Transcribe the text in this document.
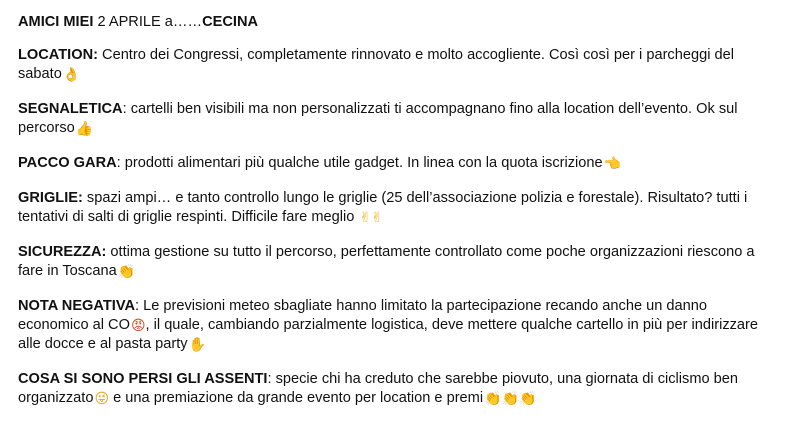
AMICI MIEI 2 APRILE a……CECINA

LOCATION: Centro dei Congressi, completamente rinnovato e molto accogliente. Così così per i parcheggi del sabato👌

SEGNALETICA: cartelli ben visibili ma non personalizzati ti accompagnano fino alla location dell’evento. Ok sul percorso👍

PACCO GARA: prodotti alimentari più qualche utile gadget. In linea con la quota iscrizione👈

GRIGLIE: spazi ampi… e tanto controllo lungo le griglie (25 dell’associazione polizia e forestale). Risultato? tutti i tentativi di salti di griglie respinti. Difficile fare meglio ✌✌

SICUREZZA: ottima gestione su tutto il percorso, perfettamente controllato come poche organizzazioni riescono a fare in Toscana👏

NOTA NEGATIVA: Le previsioni meteo sbagliate hanno limitato la partecipazione recando anche un danno economico al CO😡, il quale, cambiando parzialmente logistica, deve mettere qualche cartello in più per indirizzare alle docce e al pasta party✋

COSA SI SONO PERSI GLI ASSENTI: specie chi ha creduto che sarebbe piovuto, una giornata di ciclismo ben organizzato😜 e una premiazione da grande evento per location e premi👏👏👏
